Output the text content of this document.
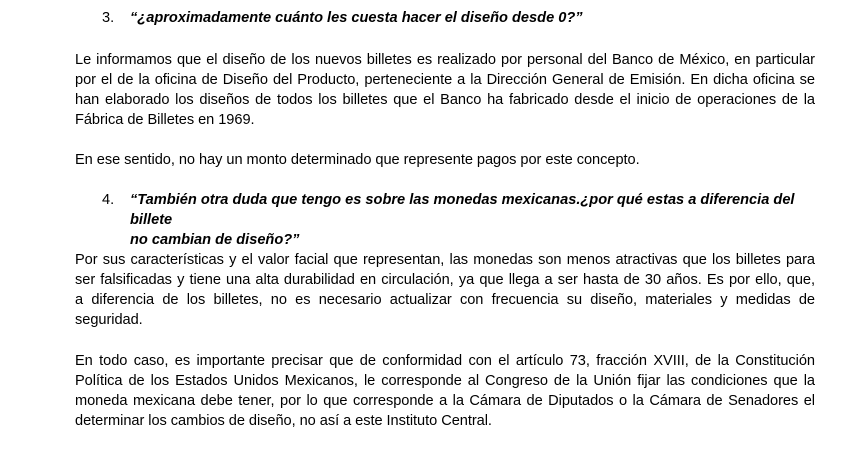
3.	“¿aproximadamente cuánto les cuesta hacer el diseño desde 0?”
Le informamos que el diseño de los nuevos billetes es realizado por personal del Banco de México, en particular
por el de la oficina de Diseño del Producto, perteneciente a la Dirección General de Emisión. En dicha oficina se
han elaborado los diseños de todos los billetes que el Banco ha fabricado desde el inicio de operaciones de la
Fábrica de Billetes en 1969.
En ese sentido, no hay un monto determinado que represente pagos por este concepto.
4.	“También otra duda que tengo es sobre las monedas mexicanas.¿por qué estas a diferencia del billete
no cambian de diseño?”
Por sus características y el valor facial que representan, las monedas son menos atractivas que los billetes para
ser falsificadas y tiene una alta durabilidad en circulación, ya que llega a ser hasta de 30 años. Es por ello, que,
a diferencia de los billetes, no es necesario actualizar con frecuencia su diseño, materiales y medidas de
seguridad.
En todo caso, es importante precisar que de conformidad con el artículo 73, fracción XVIII, de la Constitución
Política de los Estados Unidos Mexicanos, le corresponde al Congreso de la Unión fijar las condiciones que la
moneda mexicana debe tener, por lo que corresponde a la Cámara de Diputados o la Cámara de Senadores el
determinar los cambios de diseño, no así a este Instituto Central.
